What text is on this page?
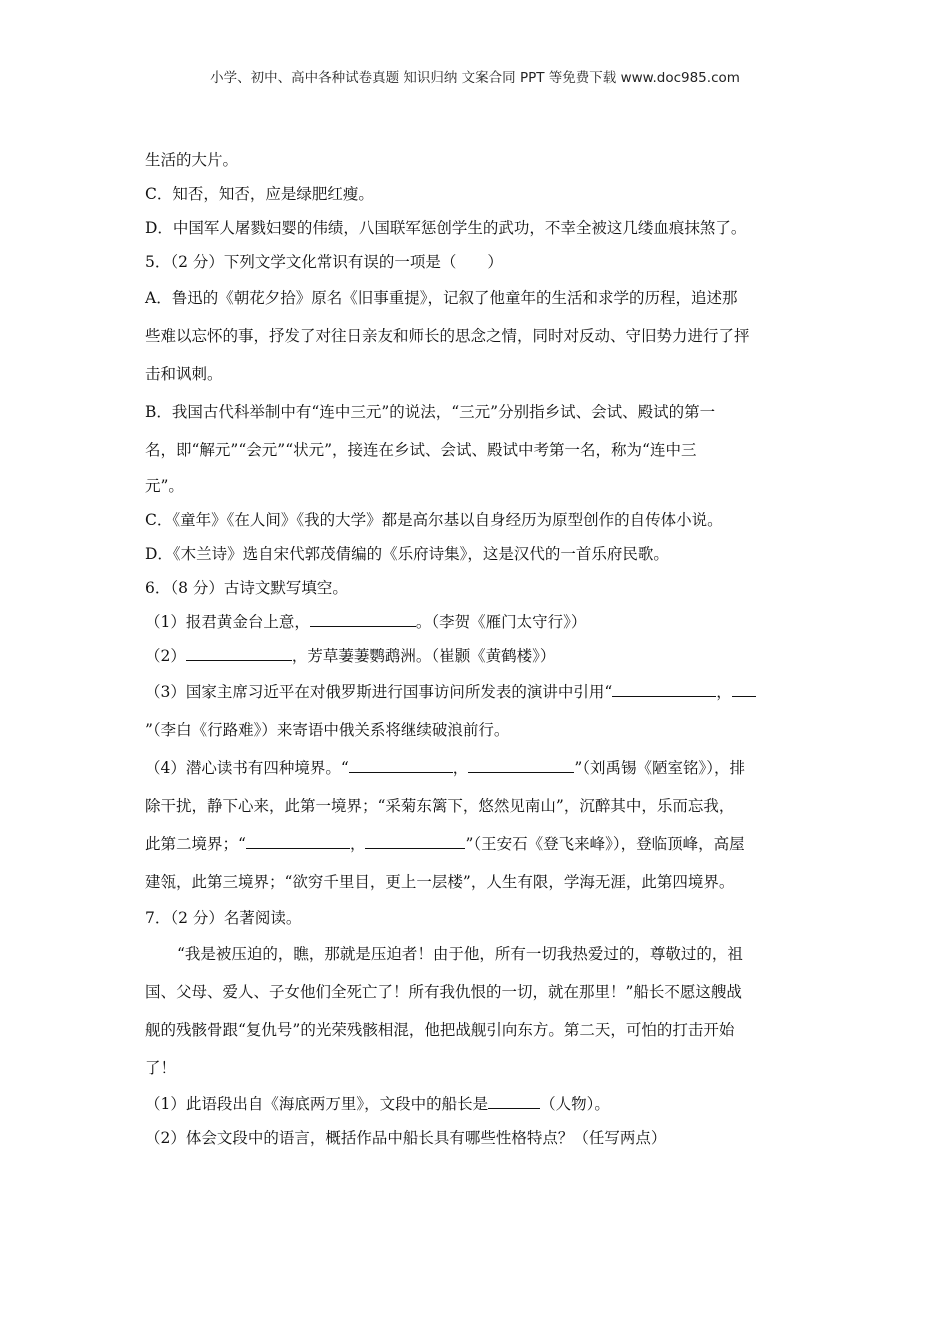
小学、初中、高中各种试卷真题 知识归纳 文案合同 PPT 等免费下载 www.doc985.com

生活的大片。

C．知否，知否，应是绿肥红瘦。

D．中国军人屠戮妇婴的伟绩，八国联军惩创学生的武功，不幸全被这几缕血痕抹煞了。

5．（2 分）下列文学文化常识有误的一项是（　　）

A．鲁迅的《朝花夕拾》原名《旧事重提》，记叙了他童年的生活和求学的历程，追述那

些难以忘怀的事，抒发了对往日亲友和师长的思念之情，同时对反动、守旧势力进行了抨

击和讽刺。

B．我国古代科举制中有“连中三元”的说法，“三元”分别指乡试、会试、殿试的第一

名，即“解元”“会元”“状元”，接连在乡试、会试、殿试中考第一名，称为“连中三

元”。

C．《童年》《在人间》《我的大学》都是高尔基以自身经历为原型创作的自传体小说。

D．《木兰诗》选自宋代郭茂倩编的《乐府诗集》，这是汉代的一首乐府民歌。

6．（8 分）古诗文默写填空。

（1）报君黄金台上意，	。（李贺《雁门太守行》）

（2）	，芳草萋萋鹦鹉洲。（崔颢《黄鹤楼》）

（3）国家主席习近平在对俄罗斯进行国事访问所发表的演讲中引用“	，

”（李白《行路难》）来寄语中俄关系将继续破浪前行。

（4）潜心读书有四种境界。“	，	”（刘禹锡《陋室铭》），排

除干扰，静下心来，此第一境界；“采菊东篱下，悠然见南山”，沉醉其中，乐而忘我，

此第二境界；“	，	”（王安石《登飞来峰》），登临顶峰，高屋

建瓴，此第三境界；“欲穷千里目，更上一层楼”，人生有限，学海无涯，此第四境界。

7．（2 分）名著阅读。

“我是被压迫的，瞧，那就是压迫者！由于他，所有一切我热爱过的，尊敬过的，祖

国、父母、爱人、子女他们全死亡了！所有我仇恨的一切，就在那里！”船长不愿这艘战

舰的残骸骨跟“复仇号”的光荣残骸相混，他把战舰引向东方。第二天，可怕的打击开始

了！

（1）此语段出自《海底两万里》，文段中的船长是	（人物）。

（2）体会文段中的语言，概括作品中船长具有哪些性格特点？（任写两点）
